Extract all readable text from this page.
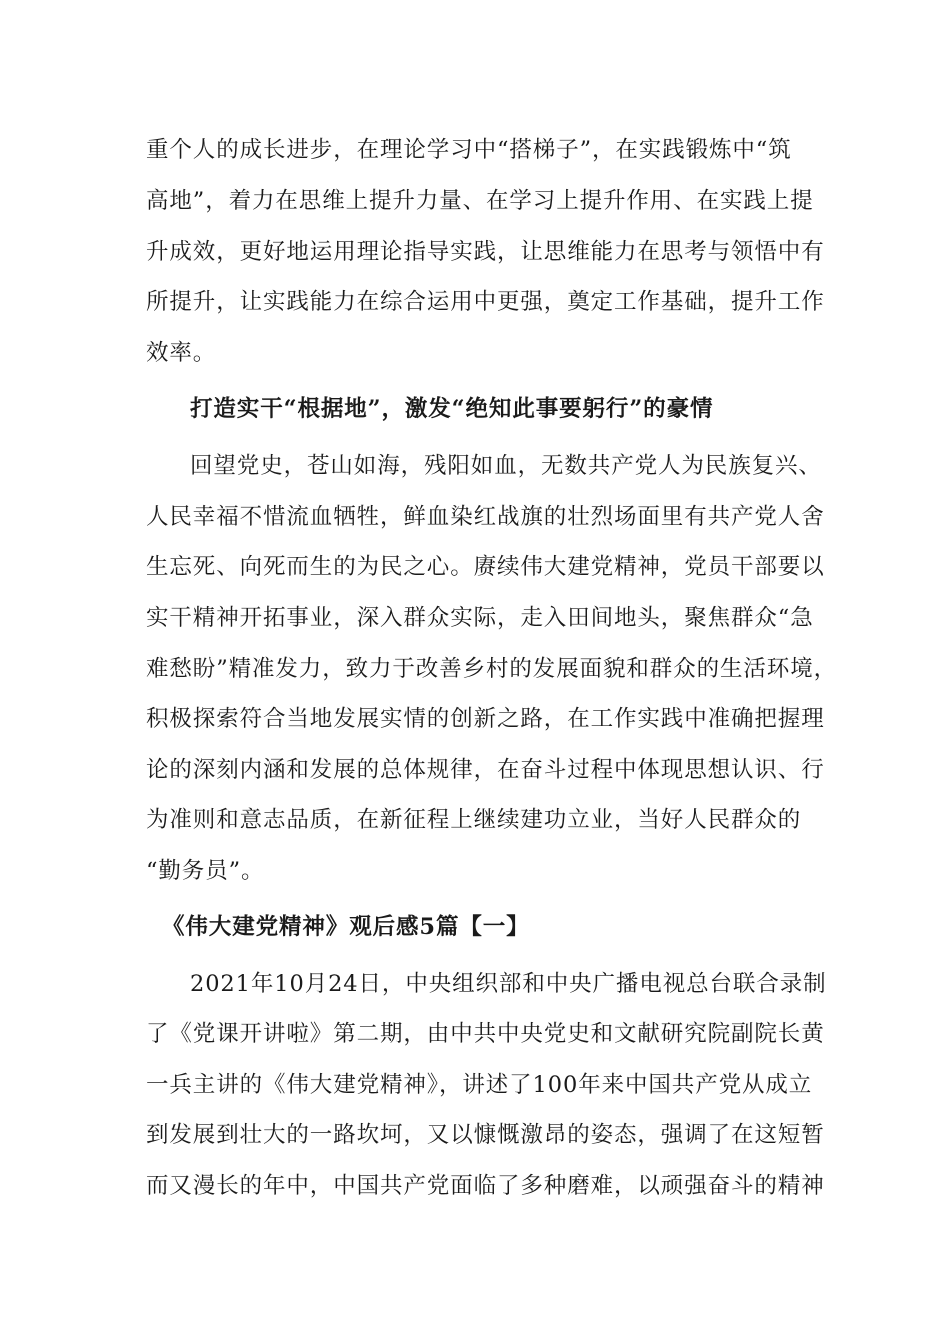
重个人的成长进步，在理论学习中“搭梯子”，在实践锻炼中“筑
高地”，着力在思维上提升力量、在学习上提升作用、在实践上提
升成效，更好地运用理论指导实践，让思维能力在思考与领悟中有
所提升，让实践能力在综合运用中更强，奠定工作基础，提升工作
效率。
打造实干“根据地”，激发“绝知此事要躬行”的豪情
回望党史，苍山如海，残阳如血，无数共产党人为民族复兴、
人民幸福不惜流血牺牲，鲜血染红战旗的壮烈场面里有共产党人舍
生忘死、向死而生的为民之心。赓续伟大建党精神，党员干部要以
实干精神开拓事业，深入群众实际，走入田间地头，聚焦群众“急
难愁盼”精准发力，致力于改善乡村的发展面貌和群众的生活环境，
积极探索符合当地发展实情的创新之路，在工作实践中准确把握理
论的深刻内涵和发展的总体规律，在奋斗过程中体现思想认识、行
为准则和意志品质，在新征程上继续建功立业，当好人民群众的
“勤务员”。
《伟大建党精神》观后感5篇【一】
2021年10月24日，中央组织部和中央广播电视总台联合录制
了《党课开讲啦》第二期，由中共中央党史和文献研究院副院长黄
一兵主讲的《伟大建党精神》，讲述了100年来中国共产党从成立
到发展到壮大的一路坎坷，又以慷慨激昂的姿态，强调了在这短暂
而又漫长的年中，中国共产党面临了多种磨难，以顽强奋斗的精神
